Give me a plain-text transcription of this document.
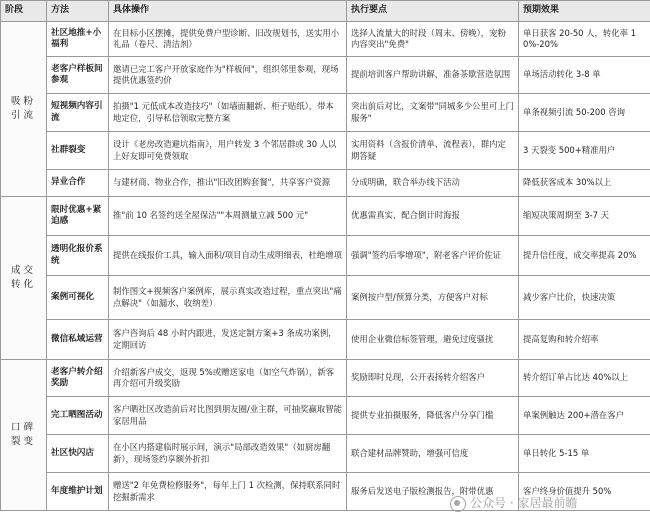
阶段	方法	具体操作	执行要点	预期效果
吸粉引流	社区地推+小福利	在目标小区摆摊，提供免费户型诊断、旧改规划书，送实用小礼品（卷尺、清洁剂）	选择人流量大的时段（周末、傍晚），宠粉内容突出"免费"	单日获客 20-50 人，转化率 10%-20%
	老客户样板间参观	邀请已完工客户开放家庭作为"样板间"，组织邻里参观，现场提供优惠签约价	提前培训客户帮助讲解，准备茶歇营造氛围	单场活动转化 3-8 单
	短视频内容引流	拍摄"1 元低成本改造技巧"（如墙面翻新、柜子贴纸），带本地定位，引导私信领取完整方案	突出前后对比，文案带"同城多少公里可上门服务"	单条视频引流 50-200 咨询
	社群裂变	设计《老房改造避坑指南》，用户转发 3 个邻居群或 30 人以上好友即可免费领取	实用资料（含报价清单、流程表），群内定期答疑	3 天裂变 500+精准用户
	异业合作	与建材商、物业合作，推出"旧改团购套餐"，共享客户资源	分成明确，联合举办线下活动	降低获客成本 30%以上
成交转化	限时优惠+紧迫感	推"前 10 名签约送全屋保洁""本周测量立减 500 元"	优惠需真实，配合倒计时海报	缩短决策周期至 3-7 天
	透明化报价系统	提供在线报价工具，输入面积/项目自动生成明细表，杜绝增项	强调"签约后零增项"，附老客户评价佐证	提升信任度，成交率提高 20%
	案例可视化	制作图文+视频客户案例库，展示真实改造过程，重点突出"痛点解决"（如漏水、收纳差）	案例按户型/预算分类，方便客户对标	减少客户比价，快速决策
	微信私域运营	客户咨询后 48 小时内跟进，发送定制方案+3 条成功案例，定期回访	使用企业微信标签管理，避免过度骚扰	提高复购和转介绍率
口碑裂变	老客户转介绍奖励	介绍新客户成交，返现 5%或赠送家电（如空气炸锅），新客再介绍可升级奖励	奖励即时兑现，公开表扬转介绍客户	转介绍订单占比达 40%以上
	完工晒图活动	客户晒社区改造前后对比图到朋友圈/业主群，可抽奖赢取智能家居用品	提供专业拍摄服务，降低客户分享门槛	单案例触达 200+潜在客户
	社区快闪店	在小区内搭建临时展示间，演示"局部改造效果"（如厨房翻新），现场签约享额外折扣	联合建材品牌赞助，增强可信度	单日转化 5-15 单
	年度维护计划	赠送"2 年免费检修服务"，每年上门 1 次检测，保持联系同时挖掘新需求	服务后发送电子版检测报告，附带优惠	客户终身价值提升 50%
公众号 · 家居最前瞻
